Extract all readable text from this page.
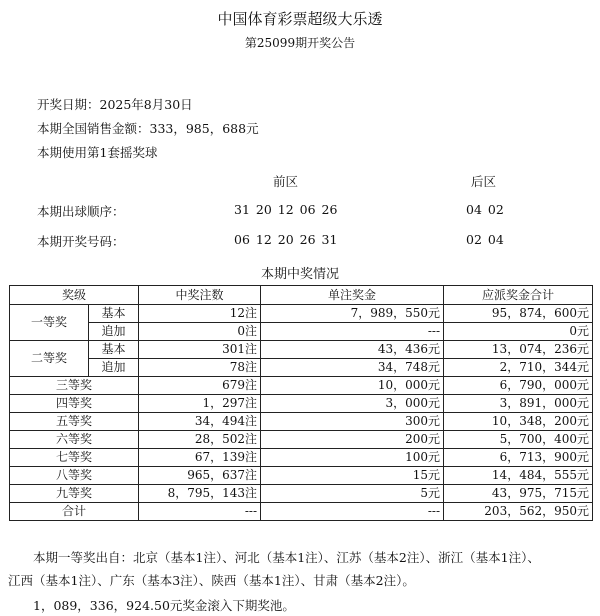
中国体育彩票超级大乐透
第25099期开奖公告
开奖日期：2025年8月30日
本期全国销售金额：333，985，688元
本期使用第1套摇奖球
前区	后区
本期出球顺序：	31 20 12 06 26	04 02
本期开奖号码：	06 12 20 26 31	02 04
本期中奖情况
奖级		中奖注数	单注奖金	应派奖金合计
一等奖	基本	12注	7，989，550元	95，874，600元
	追加	0注	---	0元
二等奖	基本	301注	43，436元	13，074，236元
	追加	78注	34，748元	2，710，344元
三等奖		679注	10，000元	6，790，000元
四等奖		1，297注	3，000元	3，891，000元
五等奖		34，494注	300元	10，348，200元
六等奖		28，502注	200元	5，700，400元
七等奖		67，139注	100元	6，713，900元
八等奖		965，637注	15元	14，484，555元
九等奖		8，795，143注	5元	43，975，715元
合计		---	---	203，562，950元
本期一等奖出自：北京（基本1注）、河北（基本1注）、江苏（基本2注）、浙江（基本1注）、
江西（基本1注）、广东（基本3注）、陕西（基本1注）、甘肃（基本2注）。
1，089，336，924.50元奖金滚入下期奖池。
